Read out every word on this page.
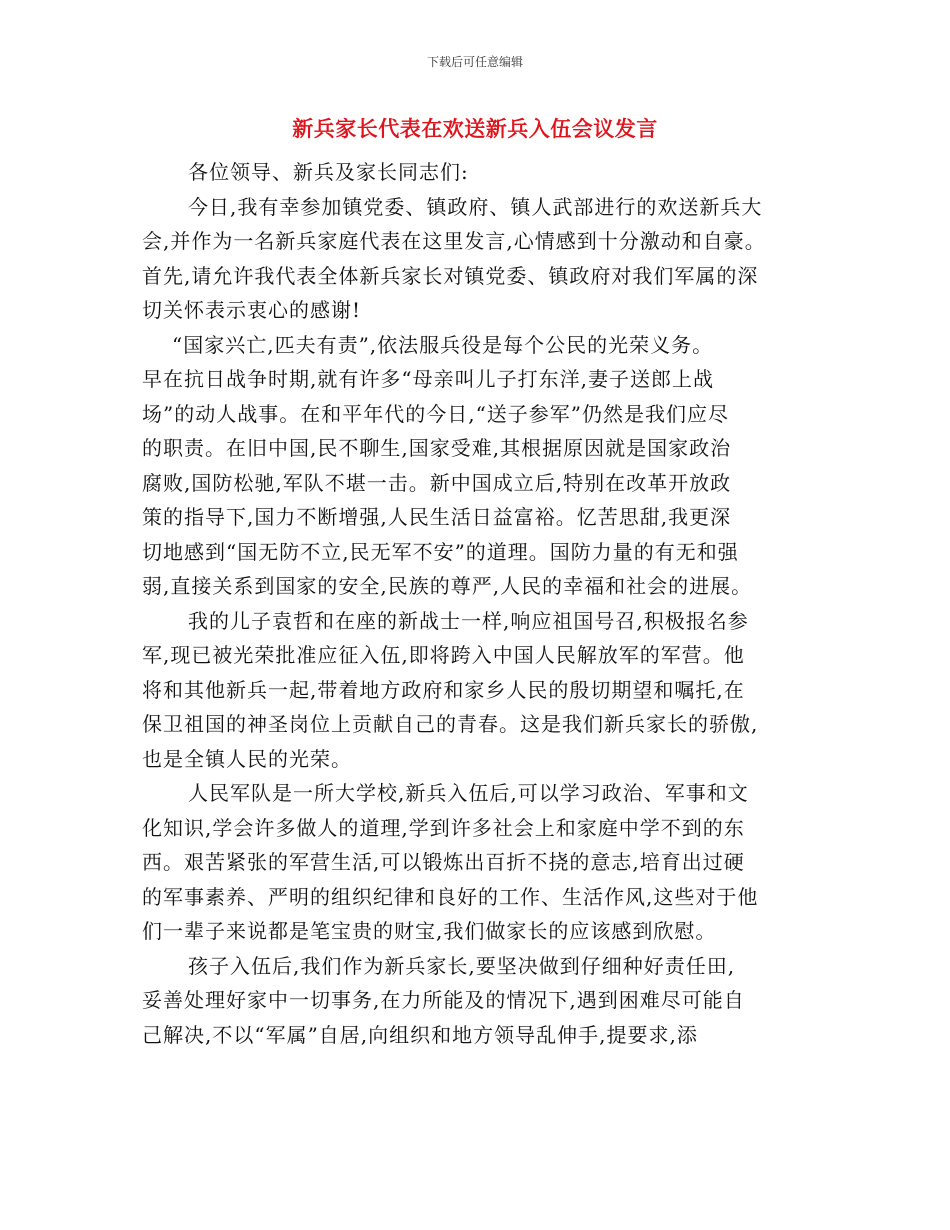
下载后可任意编辑
新兵家长代表在欢送新兵入伍会议发言
各位领导、新兵及家长同志们:
今日,我有幸参加镇党委、镇政府、镇人武部进行的欢送新兵大
会,并作为一名新兵家庭代表在这里发言,心情感到十分激动和自豪。
首先,请允许我代表全体新兵家长对镇党委、镇政府对我们军属的深
切关怀表示衷心的感谢!
“国家兴亡,匹夫有责”,依法服兵役是每个公民的光荣义务。
早在抗日战争时期,就有许多“母亲叫儿子打东洋,妻子送郎上战
场”的动人战事。在和平年代的今日,“送子参军”仍然是我们应尽
的职责。在旧中国,民不聊生,国家受难,其根据原因就是国家政治
腐败,国防松驰,军队不堪一击。新中国成立后,特别在改革开放政
策的指导下,国力不断增强,人民生活日益富裕。忆苦思甜,我更深
切地感到“国无防不立,民无军不安”的道理。国防力量的有无和强
弱,直接关系到国家的安全,民族的尊严,人民的幸福和社会的进展。
我的儿子袁哲和在座的新战士一样,响应祖国号召,积极报名参
军,现已被光荣批准应征入伍,即将跨入中国人民解放军的军营。他
将和其他新兵一起,带着地方政府和家乡人民的殷切期望和嘱托,在
保卫祖国的神圣岗位上贡献自己的青春。这是我们新兵家长的骄傲,
也是全镇人民的光荣。
人民军队是一所大学校,新兵入伍后,可以学习政治、军事和文
化知识,学会许多做人的道理,学到许多社会上和家庭中学不到的东
西。艰苦紧张的军营生活,可以锻炼出百折不挠的意志,培育出过硬
的军事素养、严明的组织纪律和良好的工作、生活作风,这些对于他
们一辈子来说都是笔宝贵的财宝,我们做家长的应该感到欣慰。
孩子入伍后,我们作为新兵家长,要坚决做到仔细种好责任田,
妥善处理好家中一切事务,在力所能及的情况下,遇到困难尽可能自
己解决,不以“军属”自居,向组织和地方领导乱伸手,提要求,添
